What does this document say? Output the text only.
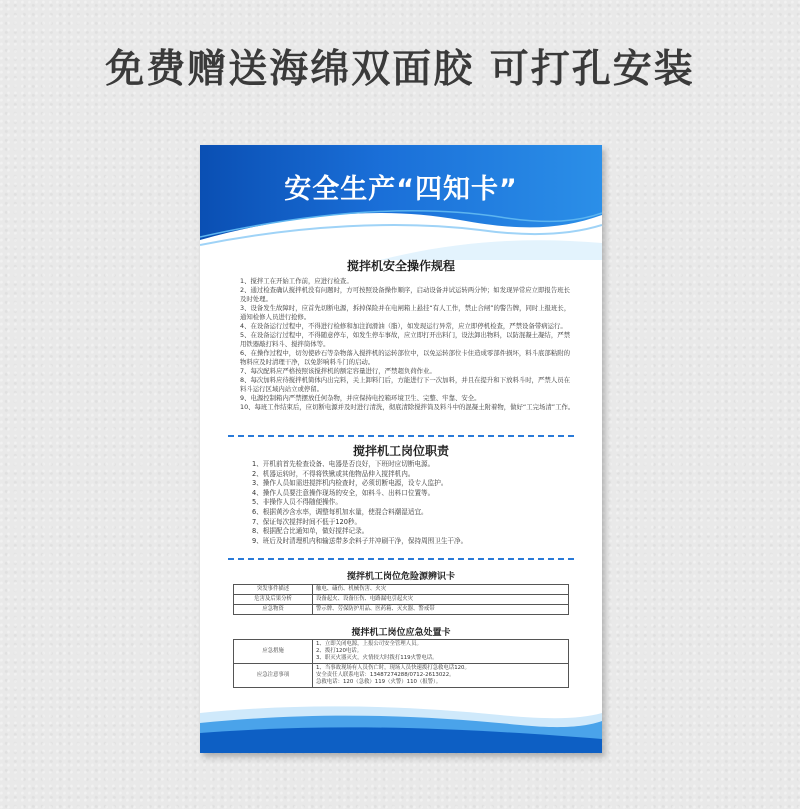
免费赠送海绵双面胶 可打孔安装
安全生产“四知卡”
搅拌机安全操作规程

1、搅拌工在开始工作前，应进行检查。

2、通过检查确认搅拌机没有问题时，方可按照设备操作顺序，启动设备并试运转两分钟；如发现异常应立即报告班长及时处理。

3、设备发生故障时，应首先切断电源，拆掉保险并在电闸箱上悬挂“有人工作，禁止合闸”的警告牌，同时上报班长，通知检修人员进行抢修。

4、在设备运行过程中，不得进行检修和加注润滑油（脂），如发现运行异常，应立即停机检查，严禁设备带病运行。

5、在设备运行过程中，不得随意停车，如发生停车事故，应立即打开出料门，设法卸出物料，以防混凝土凝结，严禁用铁器敲打料斗、搅拌筒体等。

6、在操作过程中，切勿使砂石等杂物落入搅拌机的运转部位中，以免运转部位卡住造成零部件损坏，料斗底部粘附的物料应及时清理干净，以免影响料斗门的启动。

7、每次配料应严格按照该搅拌机的额定容量进行，严禁超负荷作业。

8、每次加料应待搅拌机简体内出完料，关上卸料门后，方能进行下一次加料，并且在提升和下放料斗时，严禁人员在料斗运行区域内站立或停留。

9、电源控制箱内严禁摆放任何杂物，并应保持电控箱环境卫生、完整、牢靠、安全。

10、每班工作结束后，应切断电源并及时进行清洗，彻底清除搅拌筒及料斗中的混凝土附着物，做好“工完场清”工作。

搅拌机工岗位职责

1、开机前首先检查设备、电器是否良好，下班时应切断电源。

2、机器运转时，不得将铁锹或其他物品伸入搅拌机内。

3、操作人员如需进搅拌机内检查时，必须切断电源，设专人监护。

4、操作人员要注意操作现场的安全，如料斗、出料口位置等。

5、非操作人员不得随便操作。

6、根据黄沙含水率，调整每机加水量，使混合料潮湿适宜。

7、保证每次搅拌时间不低于120秒。

8、根据配合比通知单，做好搅拌记录。

9、班后及时清理机内和输送带多余料子并冲刷干净，保持周围卫生干净。

搅拌机工岗位危险源辨识卡
突发事件描述	触电、磕伤、机械伤害、火灾
危害及后果分析	设备起火、设备压伤、电路漏电引起火灾
应急物资	警示牌、劳保防护用品、医药箱、灭火器、警戒带
搅拌机工岗位应急处置卡
应急措施	1、立即关闭电源，上报公司安全管理人员。
2、拨打120电话。
3、职灭火器灭火，火情较大时拨打119火警电话。

应急注意事项	1、当事故现场有人员伤亡时，现场人员快速拨打急救电话120。
安全责任人联系电话：13487274288/0712-2613022。
急救电话：120（急救）119（火警）110（报警）。
